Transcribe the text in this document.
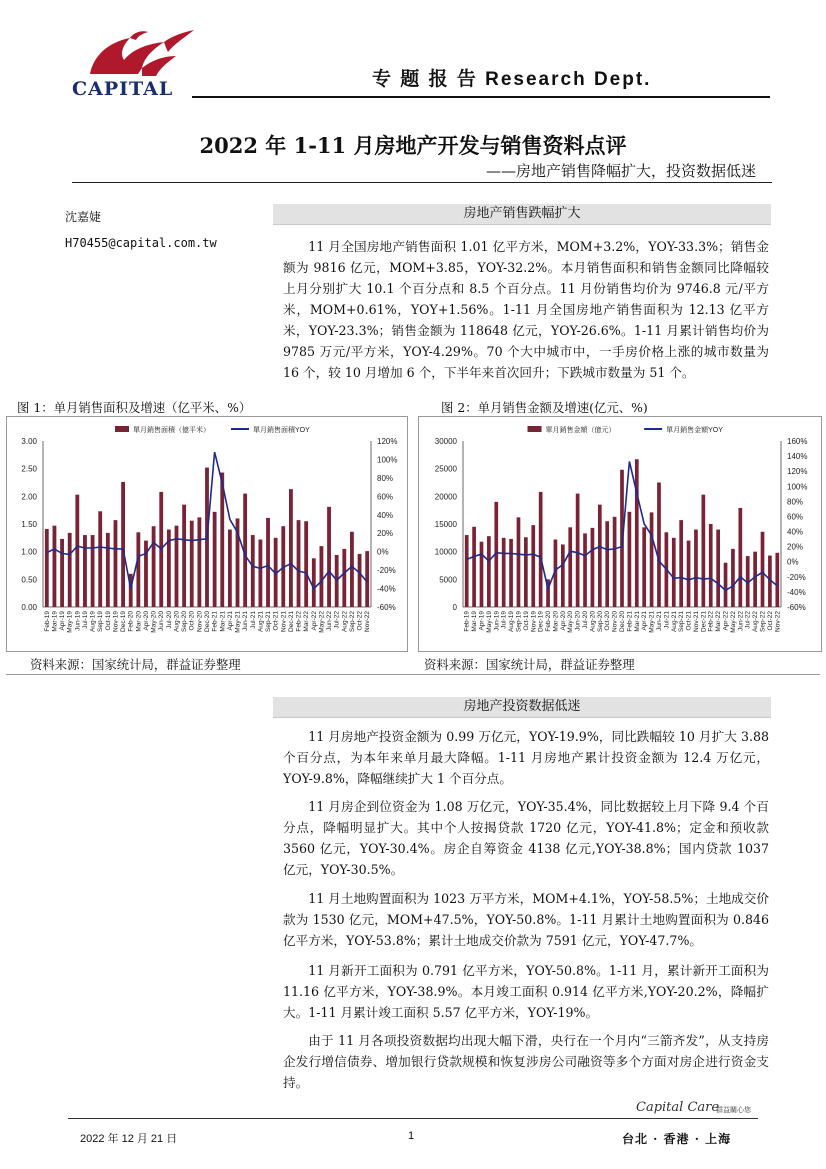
CAPITAL	专 题 报 告 Research Dept.
2022 年 1-11 月房地产开发与销售资料点评
——房地产销售降幅扩大，投资数据低迷
沈嘉婕
H70455@capital.com.tw
房地产销售跌幅扩大
11 月全国房地产销售面积 1.01 亿平方米，MOM+3.2%，YOY-33.3%；销售金额为 9816 亿元，MOM+3.85，YOY-32.2%。本月销售面积和销售金额同比降幅较上月分别扩大 10.1 个百分点和 8.5 个百分点。11 月份销售均价为 9746.8 元/平方米，MOM+0.61%，YOY+1.56%。1-11 月全国房地产销售面积为 12.13 亿平方米，YOY-23.3%；销售金额为 118648 亿元，YOY-26.6%。1-11 月累计销售均价为 9785 万元/平方米，YOY-4.29%。70 个大中城市中，一手房价格上涨的城市数量为 16 个，较 10 月增加 6 个，下半年来首次回升；下跌城市数量为 51 个。
图 1：单月销售面积及增速（亿平米、%）	图 2：单月销售金额及增速(亿元、%)
單月銷售面積（億平米）	單月銷售面積YOY
0.00
0.50
1.00
1.50
2.00
2.50
3.00
-60%
-40%
-20%
0%
20%
40%
60%
80%
100%
120%
Feb-19 Mar-19 Apr-19 May-19 Jun-19 Jul-19 Aug-19 Sep-19 Oct-19 Nov-19 Dec-19 Feb-20 Mar-20 Apr-20 May-20 Jun-20 Jul-20 Aug-20 Sep-20 Oct-20 Nov-20 Dec-20 Feb-21 Mar-21 Apr-21 May-21 Jun-21 Jul-21 Aug-21 Sep-21 Oct-21 Nov-21 Dec-21 Feb-22 Mar-22 Apr-22 May-22 Jun-22 Jul-22 Aug-22 Sep-22 Oct-22 Nov-22
單月銷售金額（億元）	單月銷售金額YOY
0
5000
10000
15000
20000
25000
30000
-60%
-40%
-20%
0%
20%
40%
60%
80%
100%
120%
140%
160%
Feb-19 Mar-19 Apr-19 May-19 Jun-19 Jul-19 Aug-19 Sep-19 Oct-19 Nov-19 Dec-19 Feb-20 Mar-20 Apr-20 May-20 Jun-20 Jul-20 Aug-20 Sep-20 Oct-20 Nov-20 Dec-20 Feb-21 Mar-21 Apr-21 May-21 Jun-21 Jul-21 Aug-21 Sep-21 Oct-21 Nov-21 Dec-21 Feb-22 Mar-22 Apr-22 May-22 Jun-22 Jul-22 Aug-22 Sep-22 Oct-22 Nov-22
资料来源：国家统计局，群益证券整理	资料来源：国家统计局，群益证券整理
房地产投资数据低迷
11 月房地产投资金额为 0.99 万亿元，YOY-19.9%，同比跌幅较 10 月扩大 3.88 个百分点，为本年来单月最大降幅。1-11 月房地产累计投资金额为 12.4 万亿元，YOY-9.8%，降幅继续扩大 1 个百分点。
11 月房企到位资金为 1.08 万亿元，YOY-35.4%，同比数据较上月下降 9.4 个百分点，降幅明显扩大。其中个人按揭贷款 1720 亿元，YOY-41.8%；定金和预收款 3560 亿元，YOY-30.4%。房企自筹资金 4138 亿元,YOY-38.8%；国内贷款 1037 亿元，YOY-30.5%。
11 月土地购置面积为 1023 万平方米，MOM+4.1%，YOY-58.5%；土地成交价款为 1530 亿元，MOM+47.5%，YOY-50.8%。1-11 月累计土地购置面积为 0.846 亿平方米，YOY-53.8%；累计土地成交价款为 7591 亿元，YOY-47.7%。
11 月新开工面积为 0.791 亿平方米，YOY-50.8%。1-11 月，累计新开工面积为 11.16 亿平方米，YOY-38.9%。本月竣工面积 0.914 亿平方米,YOY-20.2%，降幅扩大。1-11 月累计竣工面积 5.57 亿平方米，YOY-19%。
由于 11 月各项投资数据均出现大幅下滑，央行在一个月内“三箭齐发”，从支持房企发行增信债券、增加银行贷款规模和恢复涉房公司融资等多个方面对房企进行资金支持。
Capital Care
群益關心您
2022 年 12 月 21 日	1	台北 · 香港 · 上海
